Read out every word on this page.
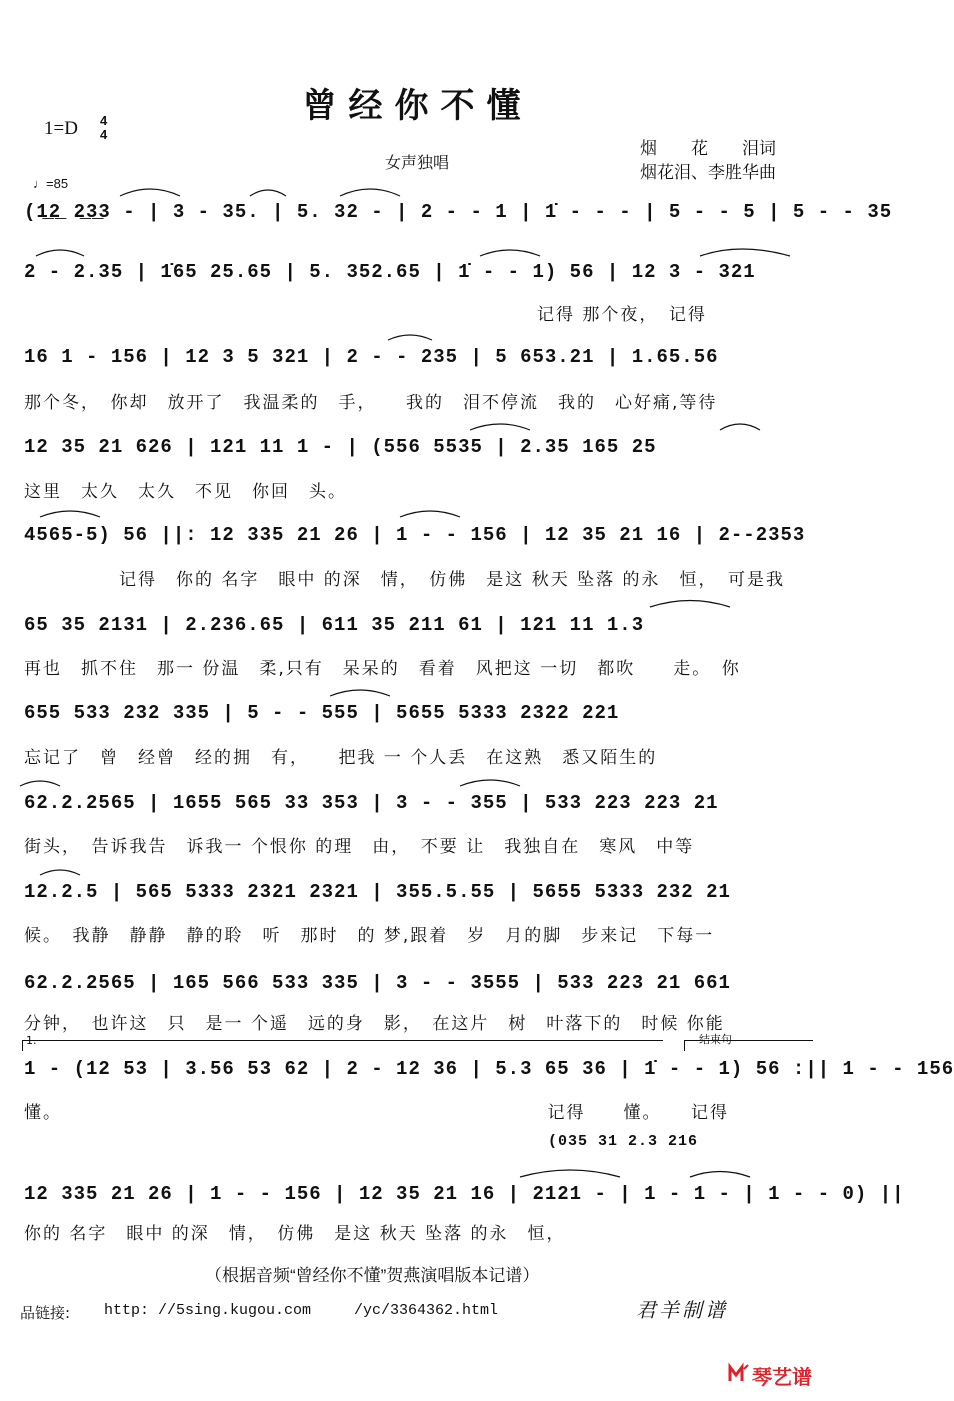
曾经你不懂
1=D 4
4
女声独唱
烟　　花　　泪词
烟花泪、李胜华曲
♩=85
(1̲2̲ 2̲3̲3 - | 3 - 35. | 5. 32 - | 2 - - 1 | 1̇ - - - | 5 - - 5 | 5 - - 35
2 - 2.35 | 1̇65 25.65 | 5. 352.65 | 1̇ - - 1) 56 | 12 3 - 321
　　　　　　　　　　　　　　　　　　　　　　　　　　　记得 那个夜，　记得
16 1 - 156 | 12 3 5 321 | 2 - - 235 | 5 653.21 | 1.65.56
那个冬，　你却　放开了　我温柔的　手，　　我的　泪不停流　我的　心好痛,等待
12 35 21 626 | 121 11 1 - | (556 5535 | 2.35 165 25
这里　太久　太久　不见　你回　头。
4565-5) 56 ||: 12 335 21 26 | 1 - - 156 | 12 35 21 16 | 2--2353
　　　　　记得　你的 名字　眼中 的深　情，　仿佛　是这 秋天 坠落 的永　恒，　可是我
65 35 2131 | 2.236.65 | 611 35 211 61 | 121 11 1.3
再也　抓不住　那一 份温　柔,只有　呆呆的　看着　风把这 一切　都吹　　走。　你
655 533 232 335 | 5 - - 555 | 5655 5333 2322 221
忘记了　曾　经曾　经的拥　有，　　把我 一 个人丢　在这熟　悉又陌生的
62.2.2565 | 1655 565 33 353 | 3 - - 355 | 533 223 223 21
街头，　告诉我告　诉我一 个恨你 的理　由，　不要 让　我独自在　寒风　中等
12.2.5 | 565 5333 2321 2321 | 355.5.55 | 5655 5333 232 21
候。　我静　静静　静的聆　听　那时　的 梦,跟着　岁　月的脚　步来记　下每一
62.2.2565 | 165 566 533 335 | 3 - - 3555 | 533 223 21 661
分钟，　也许这　只　是一 个遥　远的身　影，　在这片　树　叶落下的　时候 你能
1.	结束句
1 - (12 53 | 3.56 53 62 | 2 - 12 36 | 5.3 65 36 | 1̇ - - 1) 56 :|| 1 - - 156
懂。　　　　　　　　　　　　　　　　　　　　　　　　　　记得　　懂。　　记得
(035 31 2.3 216
12 335 21 26 | 1 - - 156 | 12 35 21 16 | 2121 - | 1 - 1 - | 1 - - 0) ||
你的 名字　眼中 的深　情，　仿佛　是这 秋天 坠落 的永　恒，
（根据音频“曾经你不懂”贺燕演唱版本记谱）
品链接: http: //5sing.kugou.com	/yc/3364362.html	君羊制谱
琴艺谱
